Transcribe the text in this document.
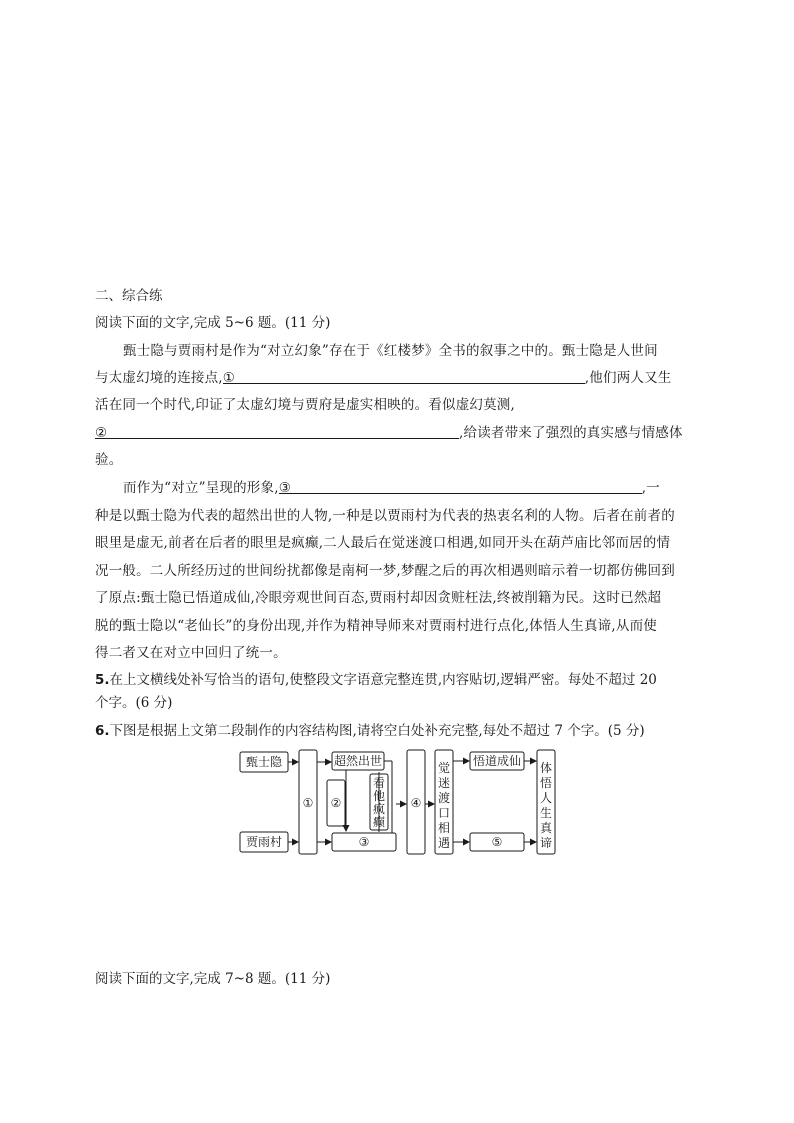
二、综合练
阅读下面的文字,完成 5~6 题。(11 分)
甄士隐与贾雨村是作为“对立幻象”存在于《红楼梦》全书的叙事之中的。甄士隐是人世间
与太虚幻境的连接点,①	,他们两人又生
活在同一个时代,印证了太虚幻境与贾府是虚实相映的。看似虚幻莫测,
②	,给读者带来了强烈的真实感与情感体
验。
而作为“对立”呈现的形象,③	,一
种是以甄士隐为代表的超然出世的人物,一种是以贾雨村为代表的热衷名利的人物。后者在前者的
眼里是虚无,前者在后者的眼里是疯癫,二人最后在觉迷渡口相遇,如同开头在葫芦庙比邻而居的情
况一般。二人所经历过的世间纷扰都像是南柯一梦,梦醒之后的再次相遇则暗示着一切都仿佛回到
了原点:甄士隐已悟道成仙,冷眼旁观世间百态,贾雨村却因贪赃枉法,终被削籍为民。这时已然超
脱的甄士隐以“老仙长”的身份出现,并作为精神导师来对贾雨村进行点化,体悟人生真谛,从而使
得二者又在对立中回归了统一。
5.在上文横线处补写恰当的语句,使整段文字语意完整连贯,内容贴切,逻辑严密。每处不超过 20
个字。(6 分)
6.下图是根据上文第二段制作的内容结构图,请将空白处补充完整,每处不超过 7 个字。(5 分)
甄士隐
贾雨村
①
超然出世
②
看
他
疯
癫
③
④
觉
迷
渡
口
相
遇
悟道成仙
⑤
体
悟
人
生
真
谛
阅读下面的文字,完成 7~8 题。(11 分)
